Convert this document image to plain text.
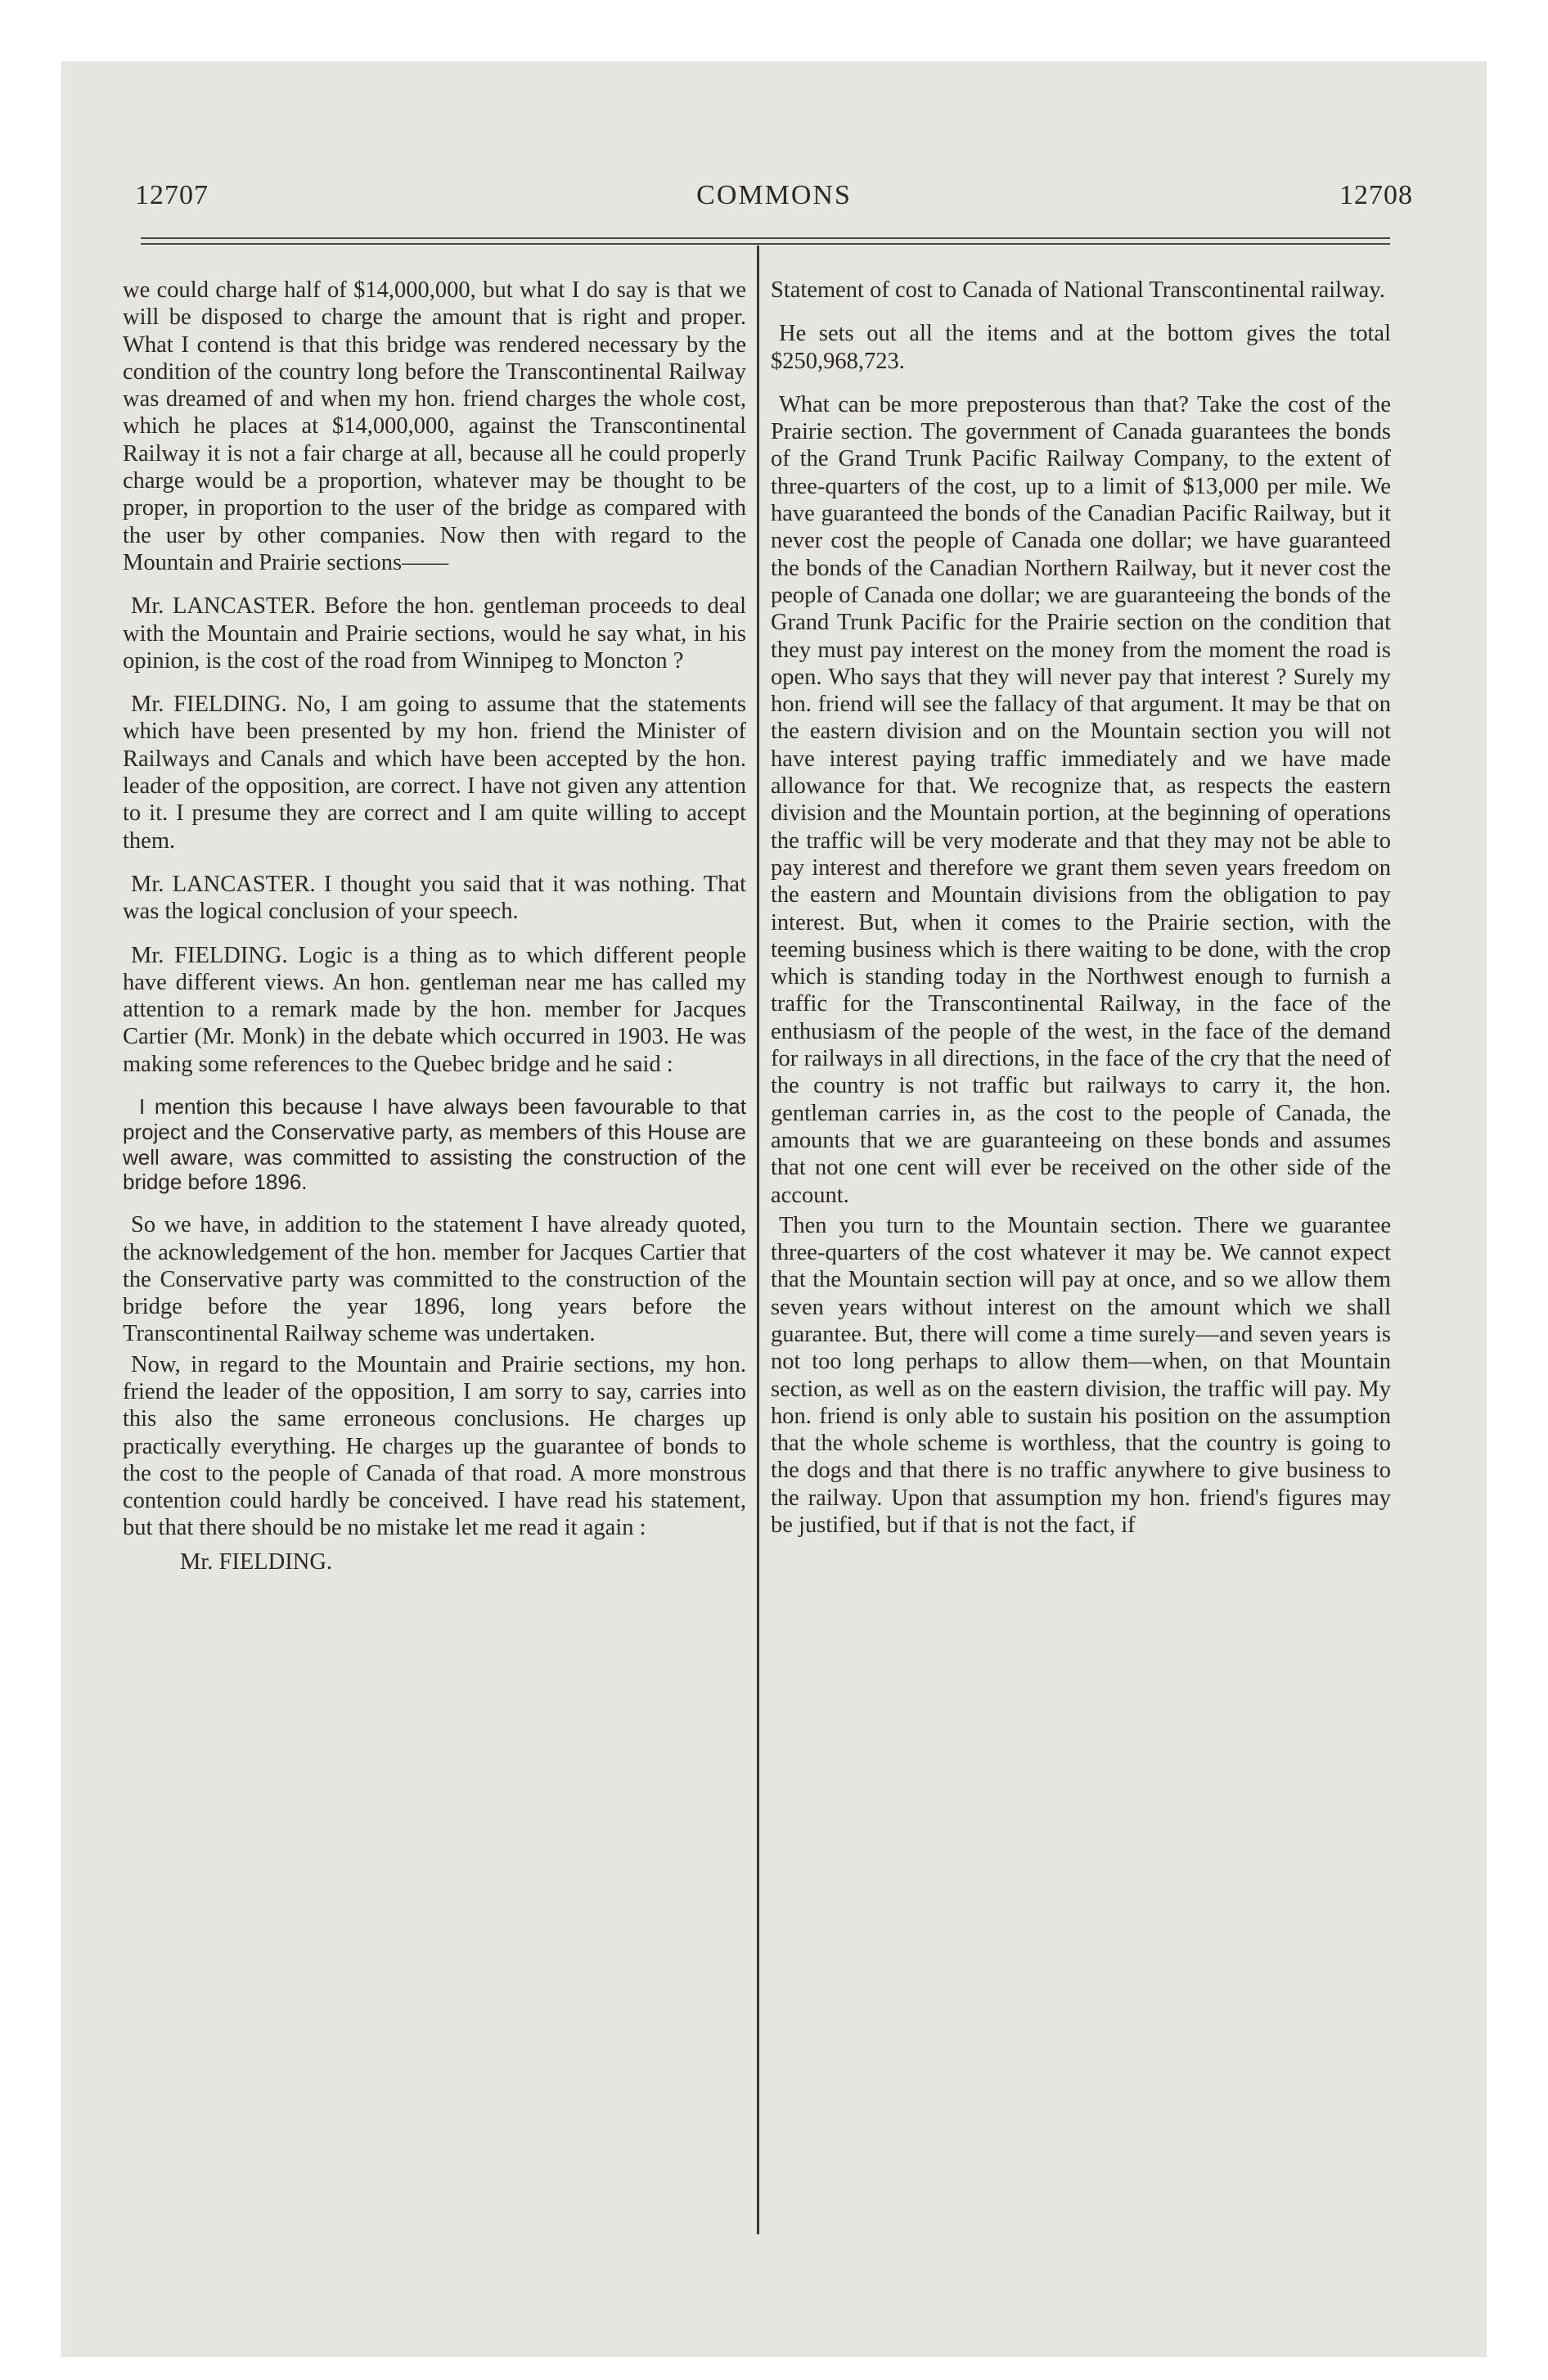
12707	COMMONS	12708

we could charge half of $14,000,000, but what I do say is that we will be disposed to charge the amount that is right and proper. What I contend is that this bridge was rendered necessary by the condition of the country long before the Transcontinental Railway was dreamed of and when my hon. friend charges the whole cost, which he places at $14,000,000, against the Transcontinental Railway it is not a fair charge at all, because all he could properly charge would be a proportion, whatever may be thought to be proper, in proportion to the user of the bridge as compared with the user by other companies. Now then with regard to the Mountain and Prairie sections——

Mr. LANCASTER. Before the hon. gentleman proceeds to deal with the Mountain and Prairie sections, would he say what, in his opinion, is the cost of the road from Winnipeg to Moncton ?

Mr. FIELDING. No, I am going to assume that the statements which have been presented by my hon. friend the Minister of Railways and Canals and which have been accepted by the hon. leader of the opposition, are correct. I have not given any attention to it. I presume they are correct and I am quite willing to accept them.

Mr. LANCASTER. I thought you said that it was nothing. That was the logical conclusion of your speech.

Mr. FIELDING. Logic is a thing as to which different people have different views. An hon. gentleman near me has called my attention to a remark made by the hon. member for Jacques Cartier (Mr. Monk) in the debate which occurred in 1903. He was making some references to the Quebec bridge and he said :

I mention this because I have always been favourable to that project and the Conservative party, as members of this House are well aware, was committed to assisting the construction of the bridge before 1896.

So we have, in addition to the statement I have already quoted, the acknowledgement of the hon. member for Jacques Cartier that the Conservative party was committed to the construction of the bridge before the year 1896, long years before the Transcontinental Railway scheme was undertaken.

Now, in regard to the Mountain and Prairie sections, my hon. friend the leader of the opposition, I am sorry to say, carries into this also the same erroneous conclusions. He charges up practically everything. He charges up the guarantee of bonds to the cost to the people of Canada of that road. A more monstrous contention could hardly be conceived. I have read his statement, but that there should be no mistake let me read it again :

Mr. FIELDING.

Statement of cost to Canada of National Transcontinental railway.

He sets out all the items and at the bottom gives the total $250,968,723.

What can be more preposterous than that? Take the cost of the Prairie section. The government of Canada guarantees the bonds of the Grand Trunk Pacific Railway Company, to the extent of three-quarters of the cost, up to a limit of $13,000 per mile. We have guaranteed the bonds of the Canadian Pacific Railway, but it never cost the people of Canada one dollar; we have guaranteed the bonds of the Canadian Northern Railway, but it never cost the people of Canada one dollar; we are guaranteeing the bonds of the Grand Trunk Pacific for the Prairie section on the condition that they must pay interest on the money from the moment the road is open. Who says that they will never pay that interest ? Surely my hon. friend will see the fallacy of that argument. It may be that on the eastern division and on the Mountain section you will not have interest paying traffic immediately and we have made allowance for that. We recognize that, as respects the eastern division and the Mountain portion, at the beginning of operations the traffic will be very moderate and that they may not be able to pay interest and therefore we grant them seven years freedom on the eastern and Mountain divisions from the obligation to pay interest. But, when it comes to the Prairie section, with the teeming business which is there waiting to be done, with the crop which is standing today in the Northwest enough to furnish a traffic for the Transcontinental Railway, in the face of the enthusiasm of the people of the west, in the face of the demand for railways in all directions, in the face of the cry that the need of the country is not traffic but railways to carry it, the hon. gentleman carries in, as the cost to the people of Canada, the amounts that we are guaranteeing on these bonds and assumes that not one cent will ever be received on the other side of the account.

Then you turn to the Mountain section. There we guarantee three-quarters of the cost whatever it may be. We cannot expect that the Mountain section will pay at once, and so we allow them seven years without interest on the amount which we shall guarantee. But, there will come a time surely—and seven years is not too long perhaps to allow them—when, on that Mountain section, as well as on the eastern division, the traffic will pay. My hon. friend is only able to sustain his position on the assumption that the whole scheme is worthless, that the country is going to the dogs and that there is no traffic anywhere to give business to the railway. Upon that assumption my hon. friend's figures may be justified, but if that is not the fact, if
